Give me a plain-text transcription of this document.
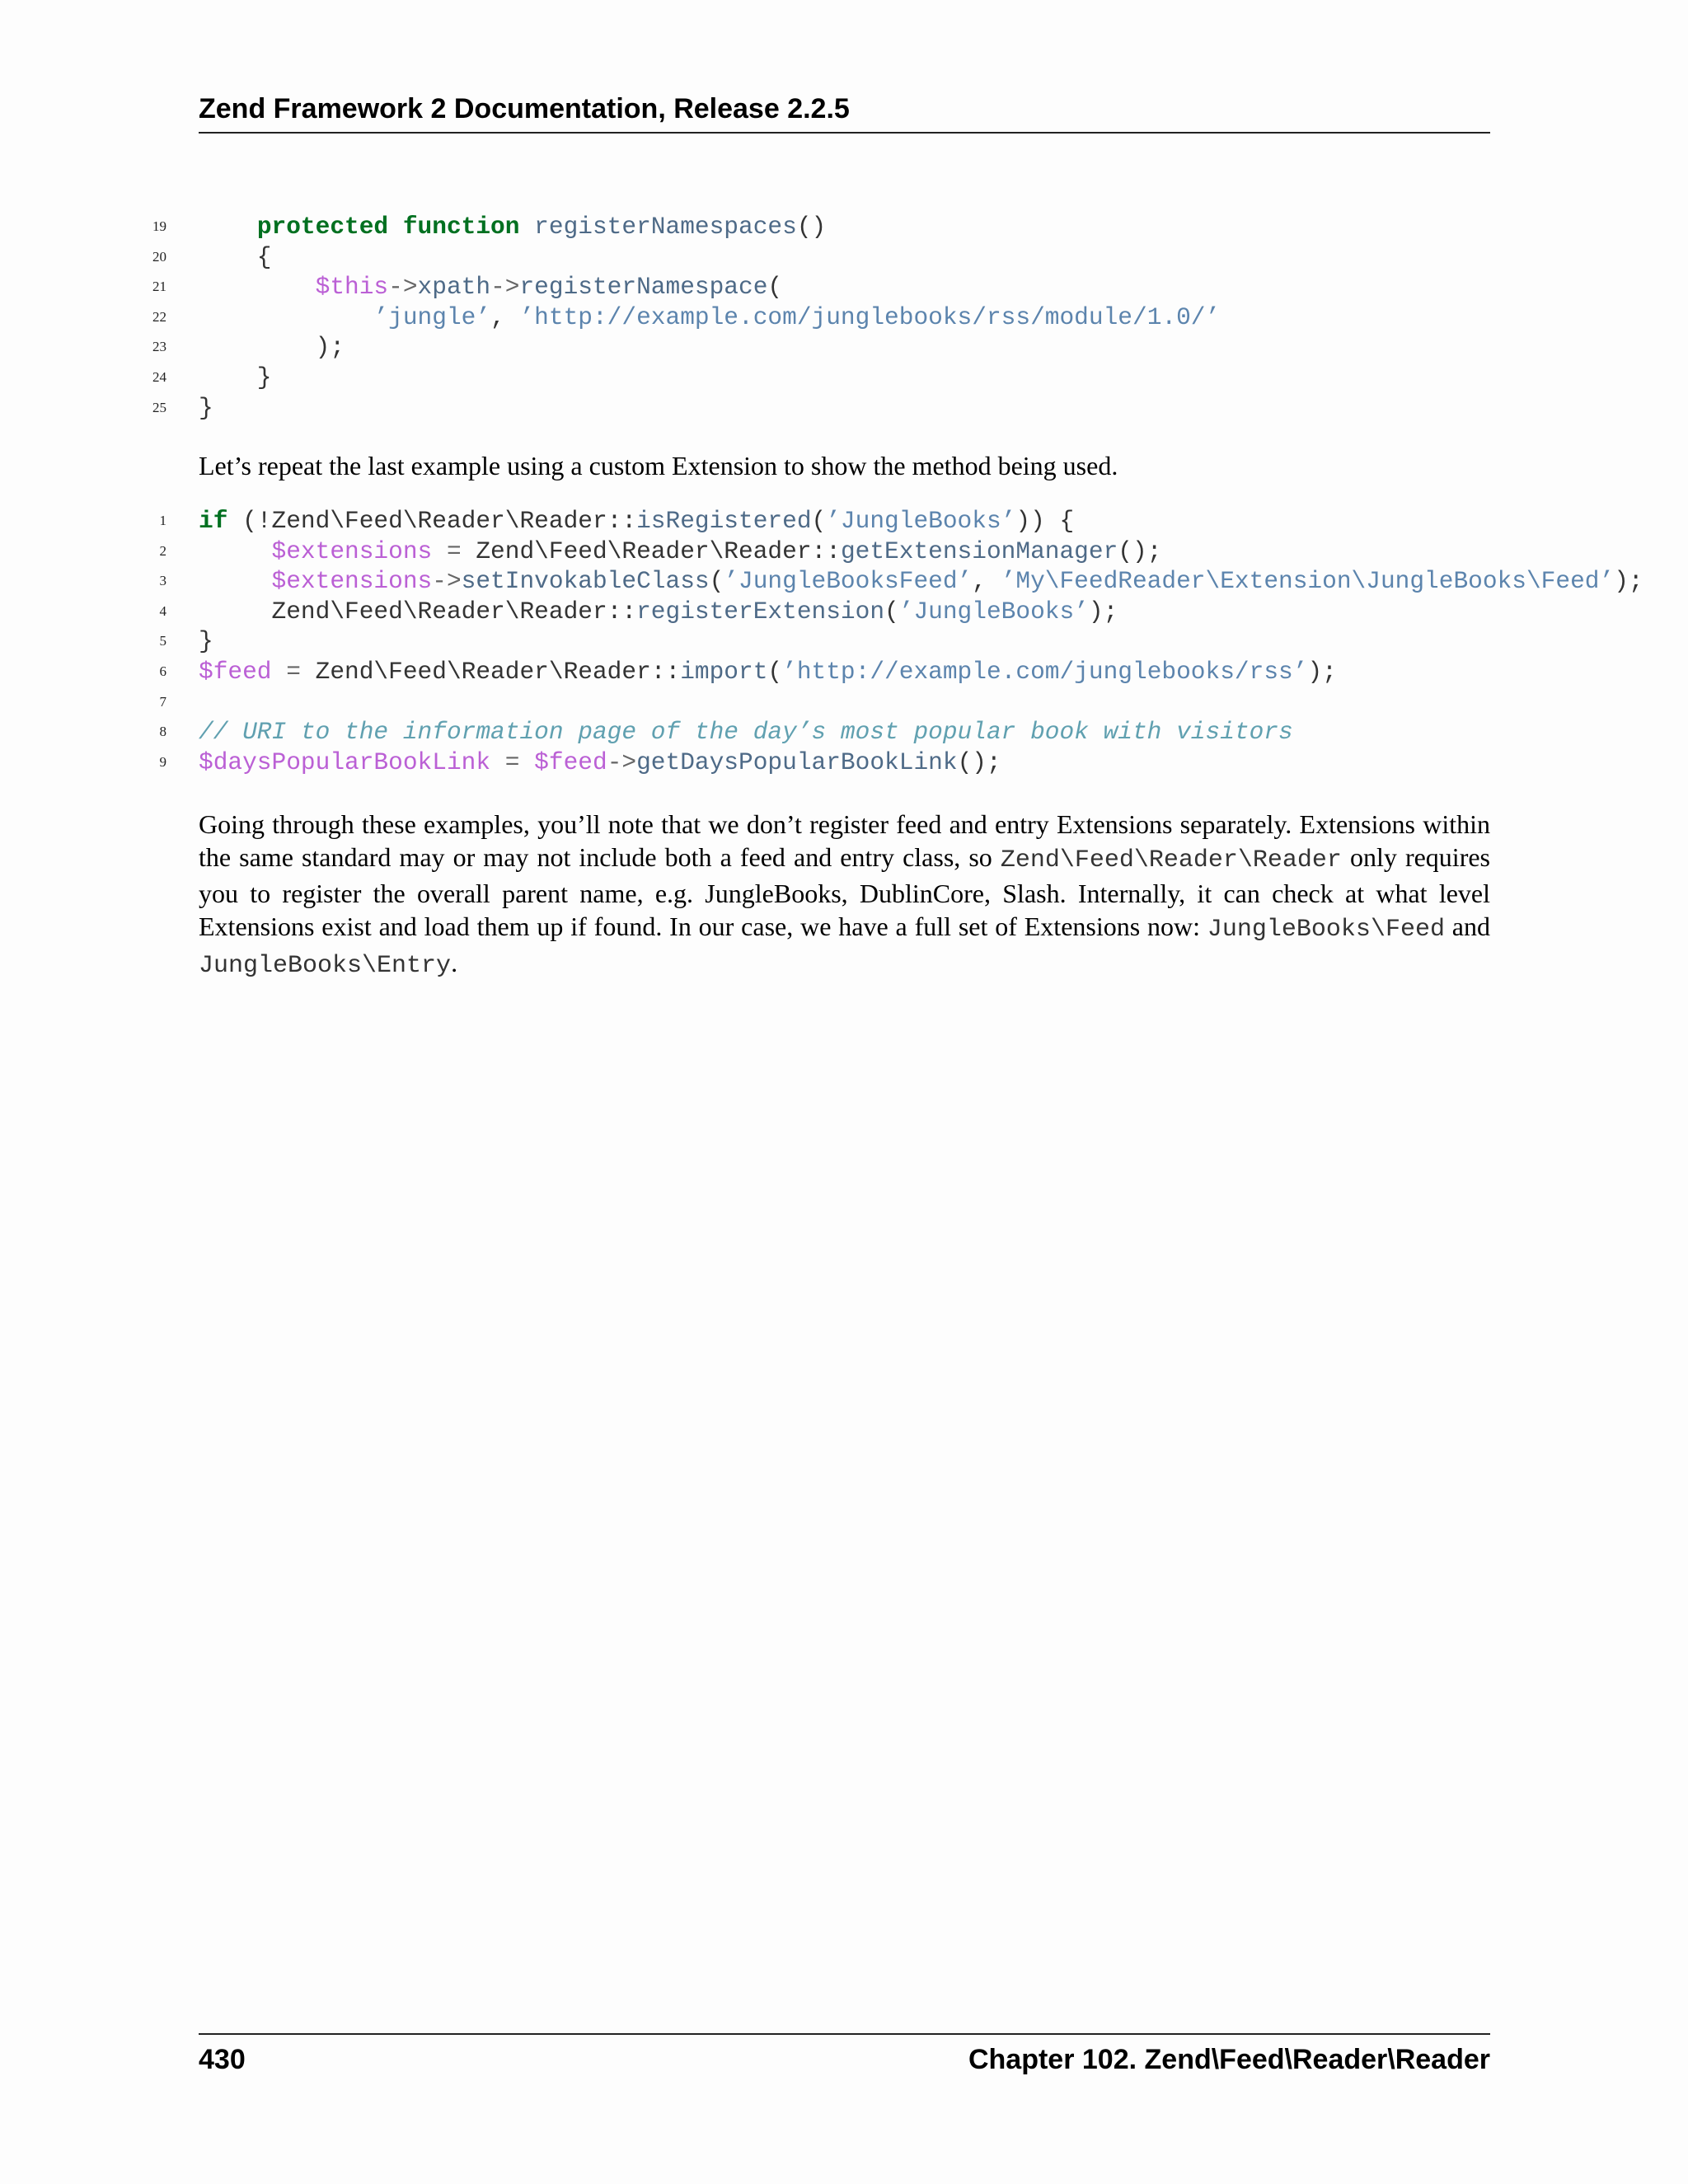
Zend Framework 2 Documentation, Release 2.2.5
19	protected function registerNamespaces()
20 {
21	$this->xpath->registerNamespace(
22	’jungle’, ’http://example.com/junglebooks/rss/module/1.0/’
23 );
24 }
25 }

Let’s repeat the last example using a custom Extension to show the method being used.

1 if (!Zend\Feed\Reader\Reader::isRegistered(’JungleBooks’)) {
2	$extensions = Zend\Feed\Reader\Reader::getExtensionManager();
3	$extensions->setInvokableClass(’JungleBooksFeed’, ’My\FeedReader\Extension\JungleBooks\Feed’);
4 Zend\Feed\Reader\Reader::registerExtension(’JungleBooks’);
5 }
6 $feed = Zend\Feed\Reader\Reader::import(’http://example.com/junglebooks/rss’);
7
8 // URI to the information page of the day’s most popular book with visitors
9 $daysPopularBookLink = $feed->getDaysPopularBookLink();

Going through these examples, you’ll note that we don’t register feed and entry Extensions separately. Extensions within the same standard may or may not include both a feed and entry class, so Zend\Feed\Reader\Reader only requires you to register the overall parent name, e.g. JungleBooks, DublinCore, Slash. Internally, it can check at what level Extensions exist and load them up if found. In our case, we have a full set of Extensions now: JungleBooks\Feed and JungleBooks\Entry.

430	Chapter 102. Zend\Feed\Reader\Reader
